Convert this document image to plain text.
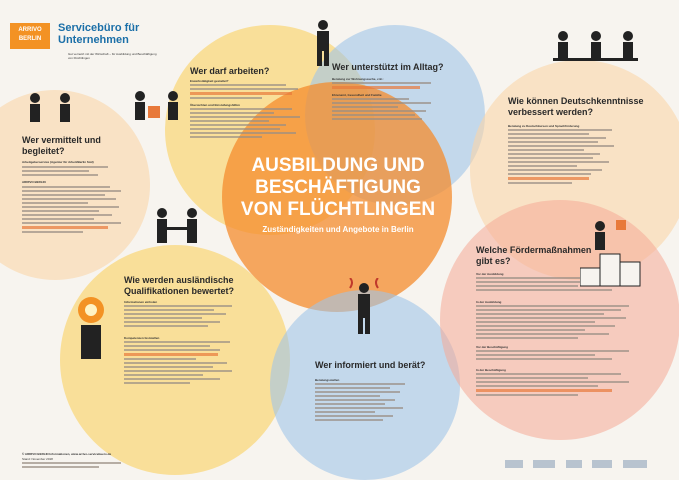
ARRIVO
BERLIN
Servicebüro für
Unternehmen
Gut vernetzt mit der Wirtschaft – für Ausbildung und Beschäftigung von Flüchtlingen
AUSBILDUNG UND
BESCHÄFTIGUNG
VON FLÜCHTLINGEN
Zuständigkeiten und Angebote in Berlin
Wer darf arbeiten?	Wer unterstützt im Alltag?
Wie können Deutschkenntnisse
verbessert werden?
Wer vermittelt und
begleitet?
Wie werden ausländische
Qualifikationen bewertet?
Wer informiert und berät?
Welche Fördermaßnahmen
gibt es?
Arbeitgeberservice (Agentur für Arbeit/Berlin Süd)
ARRIVO BERLIN
Erwerbstätigkeit gestattet?
Übersichten und Einstufungshilfen
Beratung zur Wohnungssuche, z.B.:
Ehrenamt, Gesundheit und Familie
Beratung zu Deutschkursen und Sprachförderung
Informationen einholen
Kompetenzen feststellen
Beratungsstellen
Vor der Ausbildung
In der Ausbildung
Vor der Beschäftigung
In der Beschäftigung
© ARRIVO BERLIN Informationen, www.arrivo-servicebuero.de
Stand: November 2018
